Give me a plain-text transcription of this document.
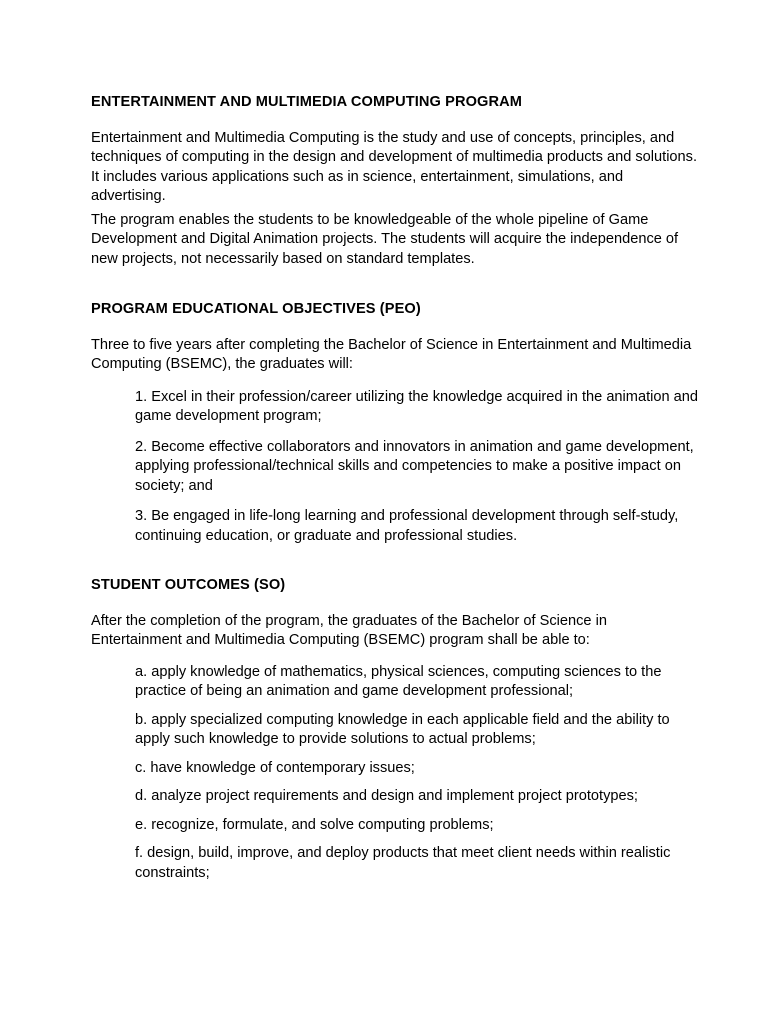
ENTERTAINMENT AND MULTIMEDIA COMPUTING PROGRAM

Entertainment and Multimedia Computing is the study and use of concepts, principles, and techniques of computing in the design and development of multimedia products and solutions. It includes various applications such as in science, entertainment, simulations, and advertising.

The program enables the students to be knowledgeable of the whole pipeline of Game Development and Digital Animation projects. The students will acquire the independence of new projects, not necessarily based on standard templates.

PROGRAM EDUCATIONAL OBJECTIVES (PEO)

Three to five years after completing the Bachelor of Science in Entertainment and Multimedia Computing (BSEMC), the graduates will:

1. Excel in their profession/career utilizing the knowledge acquired in the animation and game development program;
2. Become effective collaborators and innovators in animation and game development, applying professional/technical skills and competencies to make a positive impact on society; and
3. Be engaged in life-long learning and professional development through self-study, continuing education, or graduate and professional studies.
STUDENT OUTCOMES (SO)

After the completion of the program, the graduates of the Bachelor of Science in Entertainment and Multimedia Computing (BSEMC) program shall be able to:

a. apply knowledge of mathematics, physical sciences, computing sciences to the practice of being an animation and game development professional;
b. apply specialized computing knowledge in each applicable field and the ability to apply such knowledge to provide solutions to actual problems;
c. have knowledge of contemporary issues;
d. analyze project requirements and design and implement project prototypes;
e. recognize, formulate, and solve computing problems;
f. design, build, improve, and deploy products that meet client needs within realistic constraints;
